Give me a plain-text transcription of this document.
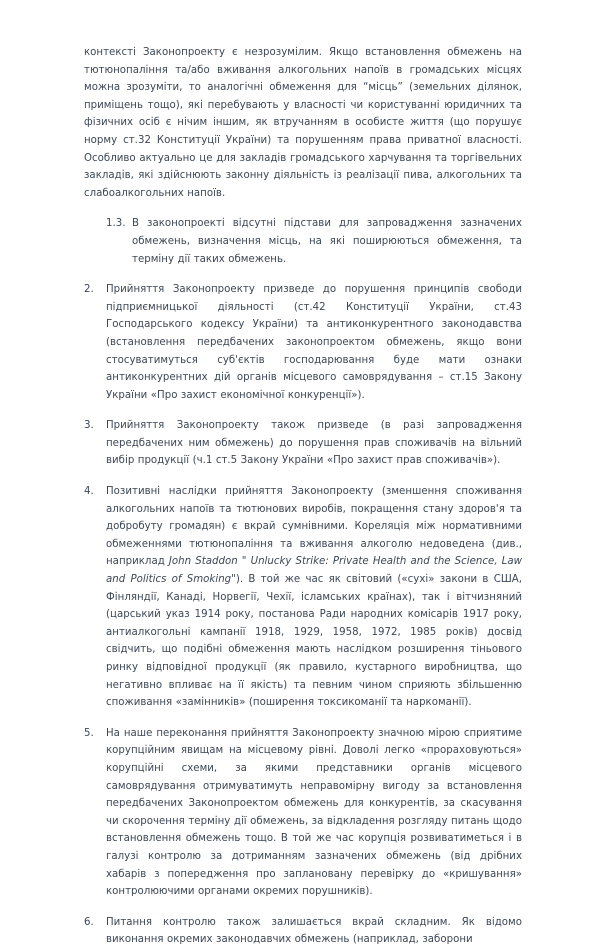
контексті Законопроекту є незрозумілим. Якщо встановлення обмежень на тютюнопаління та/або вживання алкогольних напоїв в громадських місцях можна зрозуміти, то аналогічні обмеження для “місць” (земельних ділянок, приміщень тощо), які перебувають у власності чи користуванні юридичних та фізичних осіб є нічим іншим, як втручанням в особисте життя (що порушує норму ст.32 Конституції України) та порушенням права приватної власності. Особливо актуально це для закладів громадського харчування та торгівельних закладів, які здійснюють законну діяльність із реалізації пива, алкогольних та слабоалкогольних напоїв.

1.3. В законопроекті відсутні підстави для запровадження зазначених обмежень, визначення місць, на які поширюються обмеження, та терміну дії таких обмежень.
2.	Прийняття Законопроекту призведе до порушення принципів свободи підприємницької діяльності (ст.42 Конституції України, ст.43 Господарського кодексу України) та антиконкурентного законодавства (встановлення передбачених законопроектом обмежень, якщо вони стосуватимуться суб'єктів господарювання буде мати ознаки антиконкурентних дій органів місцевого самоврядування – ст.15 Закону України «Про захист економічної конкуренції»).
3.	Прийняття Законопроекту також призведе (в разі запровадження передбачених ним обмежень) до порушення прав споживачів на вільний вибір продукції (ч.1 ст.5 Закону України «Про захист прав споживачів»).
4.	Позитивні наслідки прийняття Законопроекту (зменшення споживання алкогольних напоїв та тютюнових виробів, покращення стану здоров'я та добробуту громадян) є вкрай сумнівними. Кореляція між нормативними обмеженнями тютюнопаління та вживання алкоголю недоведена (див., наприклад John Staddon " Unlucky Strike: Private Health and the Science, Law and Politics of Smoking"). В той же час як світовий («сухі» закони в США, Фінляндії, Канаді, Норвегії, Чехії, ісламських країнах), так і вітчизняний (царський указ 1914 року, постанова Ради народних комісарів 1917 року, антиалкогольні кампанії 1918, 1929, 1958, 1972, 1985 років) досвід свідчить, що подібні обмеження мають наслідком розширення тіньового ринку відповідної продукції (як правило, кустарного виробництва, що негативно впливає на її якість) та певним чином сприяють збільшенню споживання «замінників» (поширення токсикоманії та наркоманії).
5.	На наше переконання прийняття Законопроекту значною мірою сприятиме корупційним явищам на місцевому рівні. Доволі легко «прораховуються» корупційні схеми, за якими представники органів місцевого самоврядування отримуватимуть неправомірну вигоду за встановлення передбачених Законопроектом обмежень для конкурентів, за скасування чи скорочення терміну дії обмежень, за відкладення розгляду питань щодо встановлення обмежень тощо. В той же час корупція розвиватиметься і в галузі контролю за дотриманням зазначених обмежень (від дрібних хабарів з попередження про заплановану перевірку до «кришування» контролюючими органами окремих порушників).
6.	Питання контролю також залишається вкрай складним. Як відомо виконання окремих законодавчих обмежень (наприклад, заборони
